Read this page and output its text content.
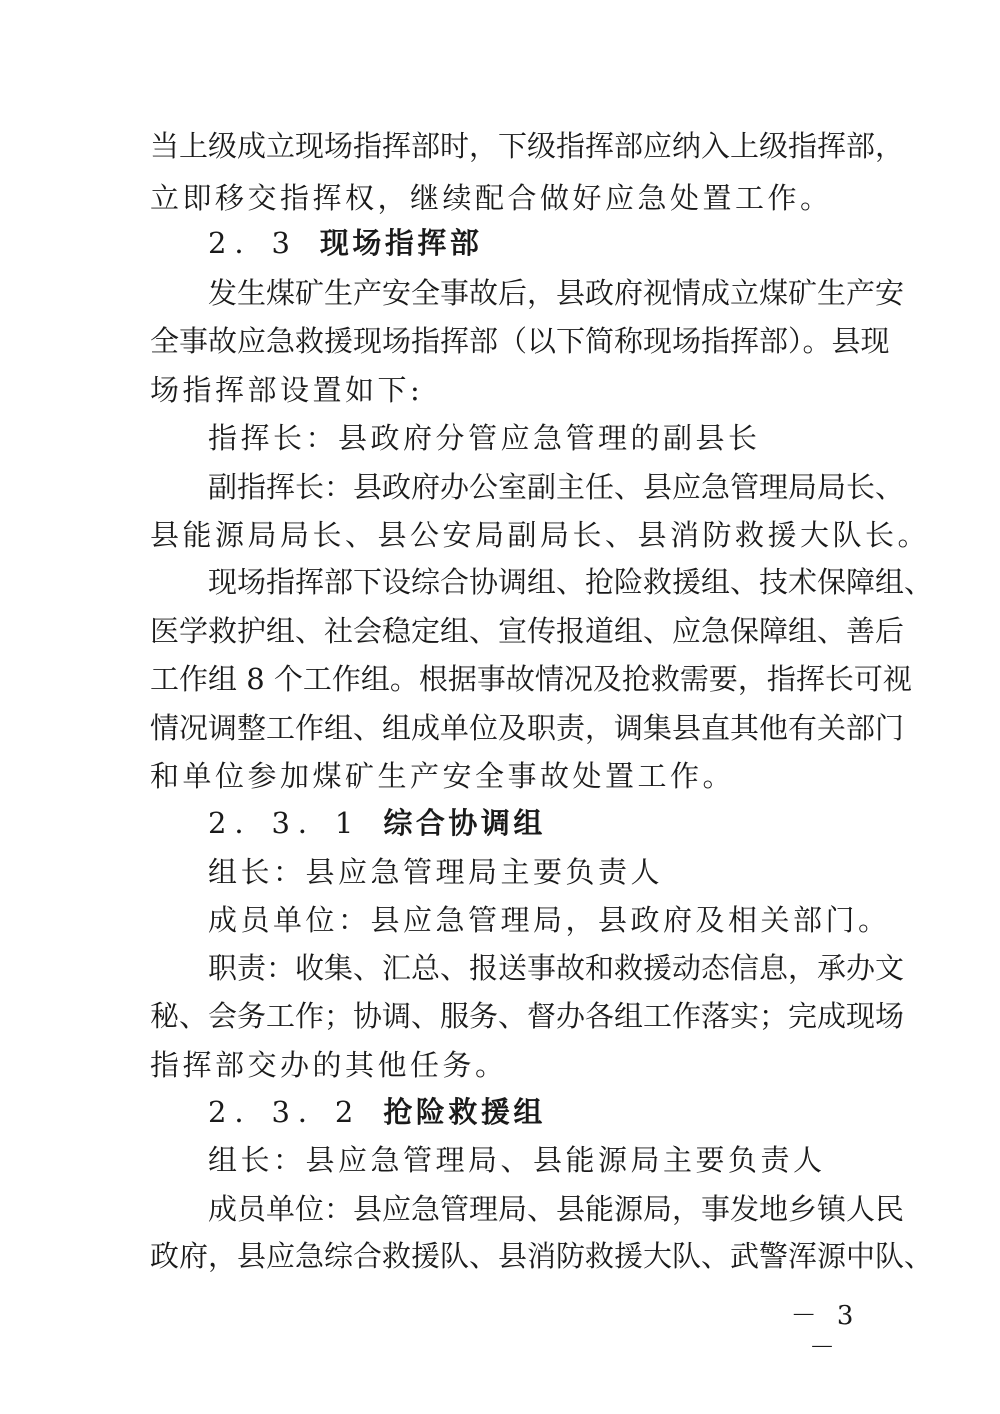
当上级成立现场指挥部时，下级指挥部应纳入上级指挥部，
立即移交指挥权，继续配合做好应急处置工作。
2．3 现场指挥部
发生煤矿生产安全事故后，县政府视情成立煤矿生产安
全事故应急救援现场指挥部（以下简称现场指挥部）。县现
场指挥部设置如下:
指挥长：县政府分管应急管理的副县长
副指挥长：县政府办公室副主任、县应急管理局局长、
县能源局局长、县公安局副局长、县消防救援大队长。
现场指挥部下设综合协调组、抢险救援组、技术保障组、
医学救护组、社会稳定组、宣传报道组、应急保障组、善后
工作组 8 个工作组。根据事故情况及抢救需要，指挥长可视
情况调整工作组、组成单位及职责，调集县直其他有关部门
和单位参加煤矿生产安全事故处置工作。
2．3．1 综合协调组
组长：县应急管理局主要负责人
成员单位：县应急管理局，县政府及相关部门。
职责：收集、汇总、报送事故和救援动态信息，承办文
秘、会务工作；协调、服务、督办各组工作落实；完成现场
指挥部交办的其他任务。
2．3．2 抢险救援组
组长：县应急管理局、县能源局主要负责人
成员单位：县应急管理局、县能源局，事发地乡镇人民
政府，县应急综合救援队、县消防救援大队、武警浑源中队、
－ 3 －
